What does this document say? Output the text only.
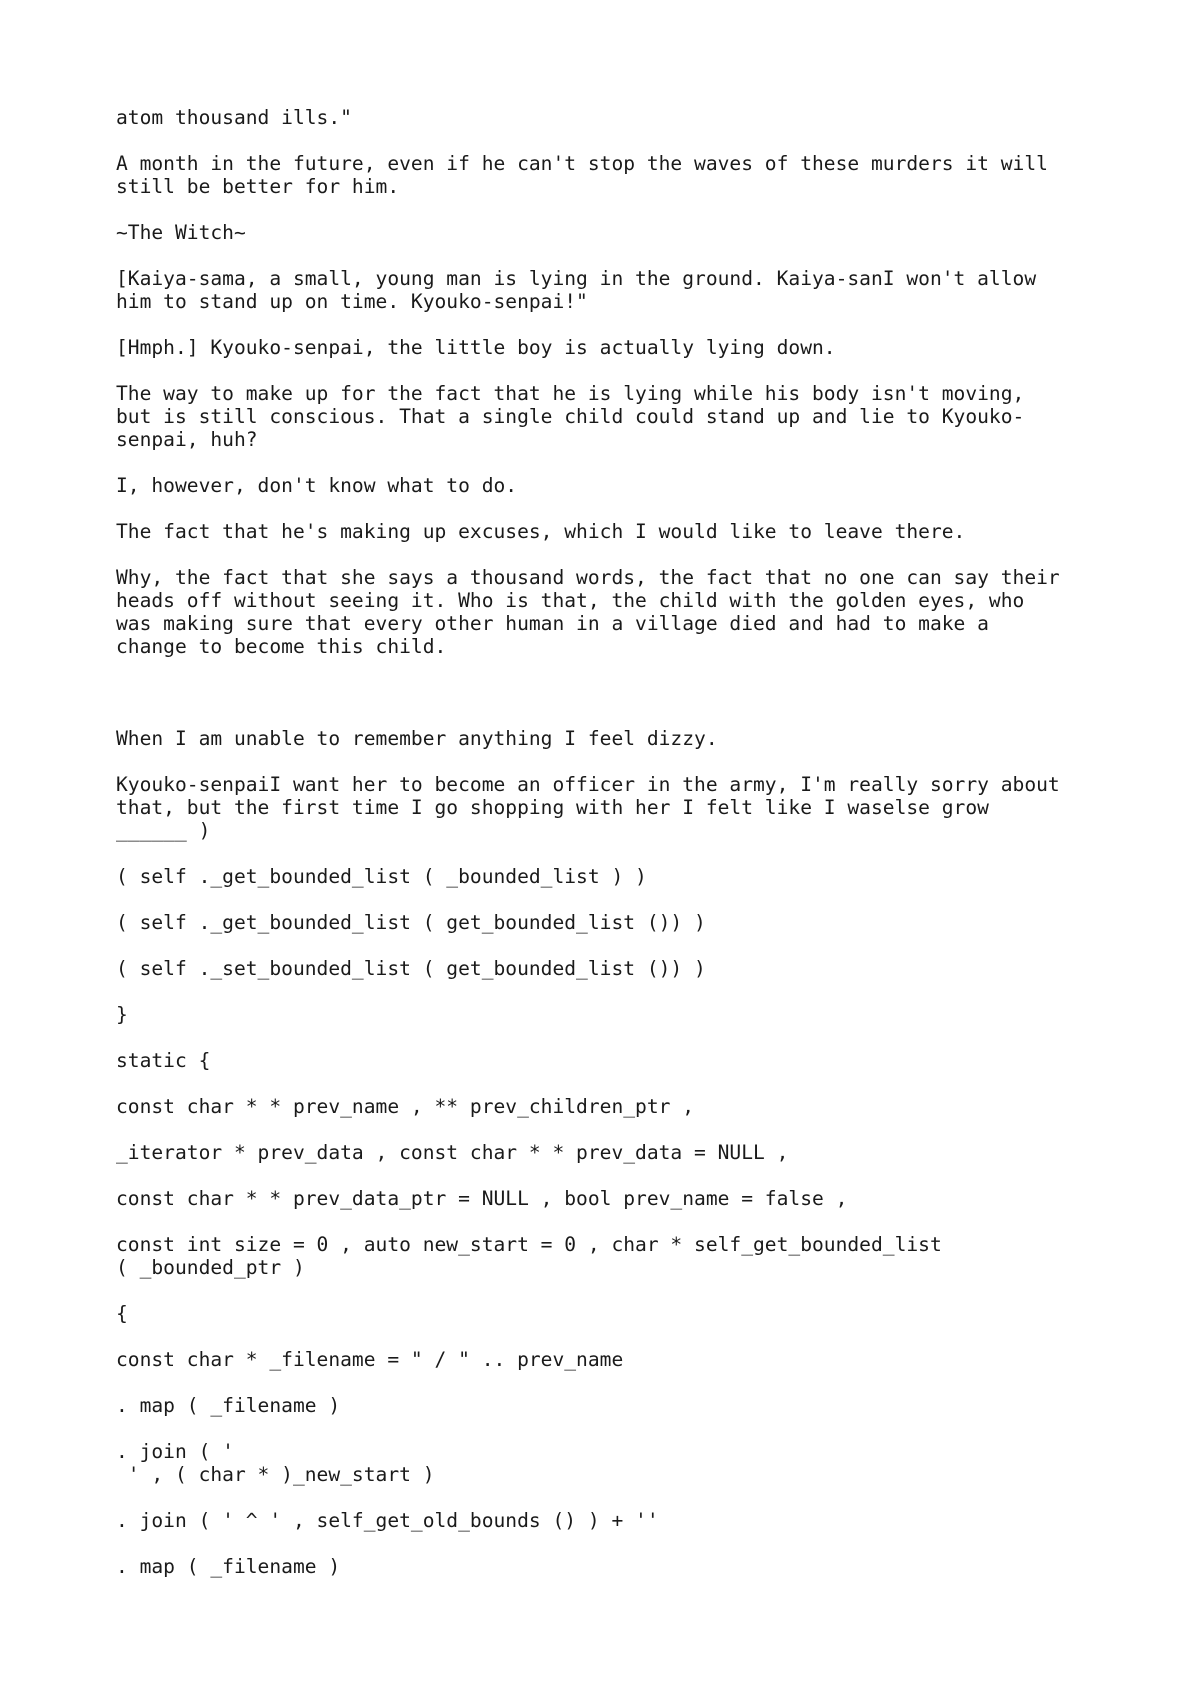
atom thousand ills."

A month in the future, even if he can't stop the waves of these murders it will
still be better for him.

~The Witch~

[Kaiya-sama, a small, young man is lying in the ground. Kaiya-sanI won't allow
him to stand up on time. Kyouko-senpai!"

[Hmph.] Kyouko-senpai, the little boy is actually lying down.

The way to make up for the fact that he is lying while his body isn't moving,
but is still conscious. That a single child could stand up and lie to Kyouko-
senpai, huh?

I, however, don't know what to do.

The fact that he's making up excuses, which I would like to leave there.

Why, the fact that she says a thousand words, the fact that no one can say their
heads off without seeing it. Who is that, the child with the golden eyes, who
was making sure that every other human in a village died and had to make a
change to become this child.

When I am unable to remember anything I feel dizzy.

Kyouko-senpaiI want her to become an officer in the army, I'm really sorry about
that, but the first time I go shopping with her I felt like I waselse grow
______ )

( self ._get_bounded_list ( _bounded_list ) )

( self ._get_bounded_list ( get_bounded_list ()) )

( self ._set_bounded_list ( get_bounded_list ()) )

}

static {

const char * * prev_name , ** prev_children_ptr ,

_iterator * prev_data , const char * * prev_data = NULL ,

const char * * prev_data_ptr = NULL , bool prev_name = false ,

const int size = 0 , auto new_start = 0 , char * self_get_bounded_list
( _bounded_ptr )

{

const char * _filename = " / " .. prev_name

. map ( _filename )

. join ( '
' , ( char * )_new_start )

. join ( ' ^ ' , self_get_old_bounds () ) + ''

. map ( _filename )
